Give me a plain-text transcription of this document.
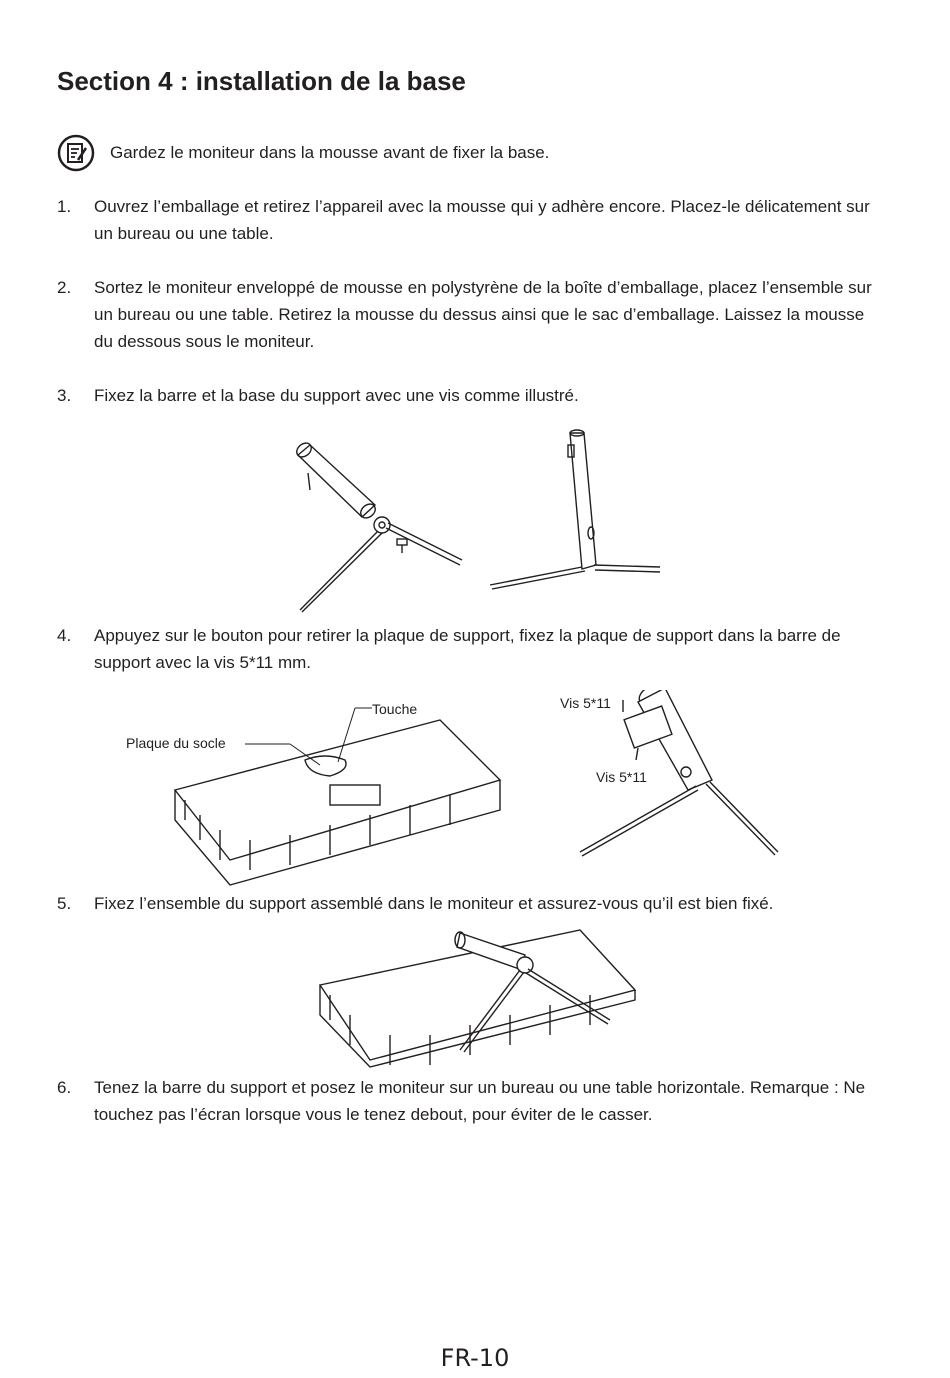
Section 4 : installation de la base
Gardez le moniteur dans la mousse avant de fixer la base.
1. Ouvrez l’emballage et retirez l’appareil avec la mousse qui y adhère encore. Placez-le délicatement sur un bureau ou une table.
2. Sortez le moniteur enveloppé de mousse en polystyrène de la boîte d’emballage, placez l’ensemble sur un bureau ou une table. Retirez la mousse du dessus ainsi que le sac d’emballage. Laissez la mousse du dessous sous le moniteur.
3. Fixez la barre et la base du support avec une vis comme illustré.
4. Appuyez sur le bouton pour retirer la plaque de support, fixez la plaque de support dans la barre de support avec la vis 5*11 mm.
Touche
Plaque du socle
Vis 5*11
Vis 5*11
5. Fixez l’ensemble du support assemblé dans le moniteur et assurez-vous qu’il est bien fixé.
6. Tenez la barre du support et posez le moniteur sur un bureau ou une table horizontale. Remarque : Ne touchez pas l’écran lorsque vous le tenez debout, pour éviter de le casser.
FR-10
